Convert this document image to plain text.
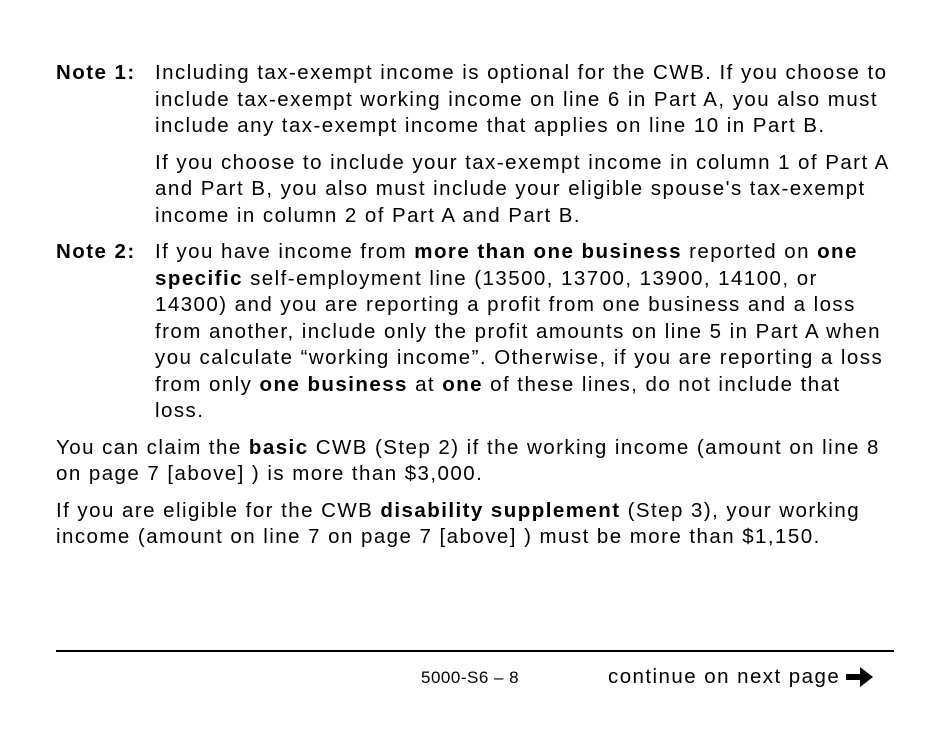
Note 1: Including tax-exempt income is optional for the CWB. If you choose to include tax-exempt working income on line 6 in Part A, you also must include any tax-exempt income that applies on line 10 in Part B.

If you choose to include your tax-exempt income in column 1 of Part A and Part B, you also must include your eligible spouse's tax-exempt income in column 2 of Part A and Part B.

Note 2: If you have income from more than one business reported on one specific self-employment line (13500, 13700, 13900, 14100, or 14300) and you are reporting a profit from one business and a loss from another, include only the profit amounts on line 5 in Part A when you calculate “working income”. Otherwise, if you are reporting a loss from only one business at one of these lines, do not include that loss.

You can claim the basic CWB (Step 2) if the working income (amount on line 8 on page 7 [above] ) is more than $3,000.

If you are eligible for the CWB disability supplement (Step 3), your working income (amount on line 7 on page 7 [above] ) must be more than $1,150.

5000-S6 – 8	continue on next page
